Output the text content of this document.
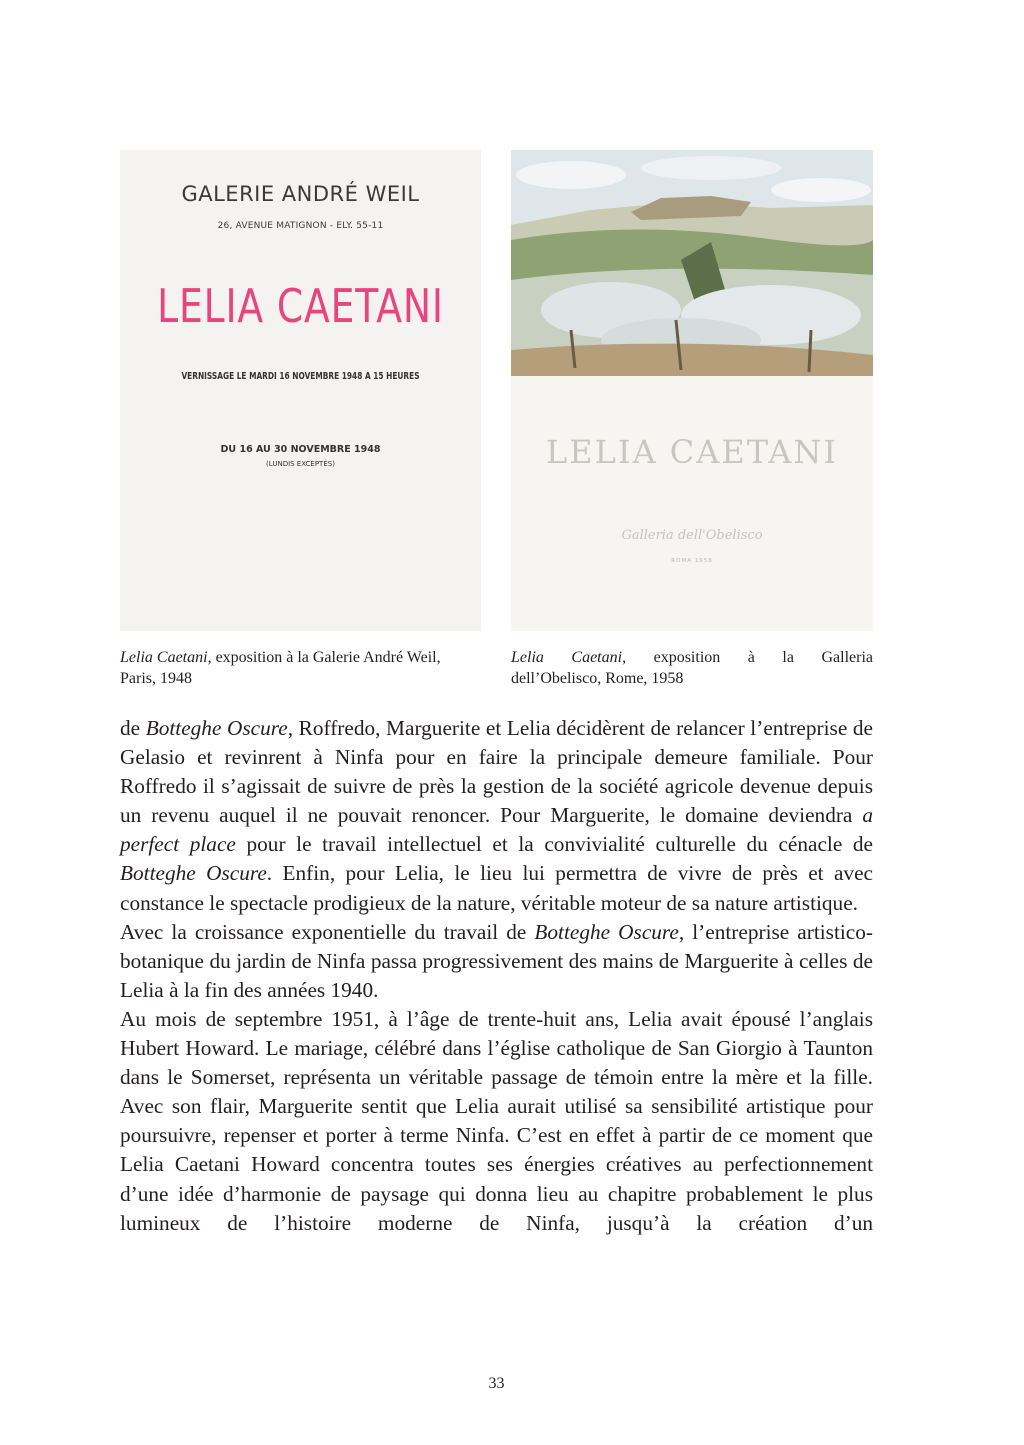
GALERIE ANDRÉ WEIL
26, AVENUE MATIGNON - ELY. 55-11
LELIA CAETANI
VERNISSAGE LE MARDI 16 NOVEMBRE 1948 A 15 HEURES
DU 16 AU 30 NOVEMBRE 1948
(LUNDIS EXCEPTÉS)	LELIA CAETANI
Galleria dell'Obelisco
ROMA 1958
Lelia Caetani, exposition à la Galerie André Weil,
Paris, 1948
Lelia Caetani, exposition à la Galleria
dell’Obelisco, Rome, 1958

de Botteghe Oscure, Roffredo, Marguerite et Lelia décidèrent de relancer l’entreprise de Gelasio et revinrent à Ninfa pour en faire la principale demeure familiale. Pour Roffredo il s’agissait de suivre de près la gestion de la société agricole devenue depuis un revenu auquel il ne pouvait renoncer. Pour Marguerite, le domaine deviendra a perfect place pour le travail intellectuel et la convivialité culturelle du cénacle de Botteghe Oscure. Enfin, pour Lelia, le lieu lui permettra de vivre de près et avec constance le spectacle prodigieux de la nature, véritable moteur de sa nature artistique.

Avec la croissance exponentielle du travail de Botteghe Oscure, l’entreprise artistico-botanique du jardin de Ninfa passa progressivement des mains de Marguerite à celles de Lelia à la fin des années 1940.

Au mois de septembre 1951, à l’âge de trente-huit ans, Lelia avait épousé l’anglais Hubert Howard. Le mariage, célébré dans l’église catholique de San Giorgio à Taunton dans le Somerset, représenta un véritable passage de témoin entre la mère et la fille. Avec son flair, Marguerite sentit que Lelia aurait utilisé sa sensibilité artistique pour poursuivre, repenser et porter à terme Ninfa. C’est en effet à partir de ce moment que Lelia Caetani Howard concentra toutes ses énergies créatives au perfectionnement d’une idée d’harmonie de paysage qui donna lieu au chapitre probablement le plus lumineux de l’histoire moderne de Ninfa, jusqu’à la création d’un

33
